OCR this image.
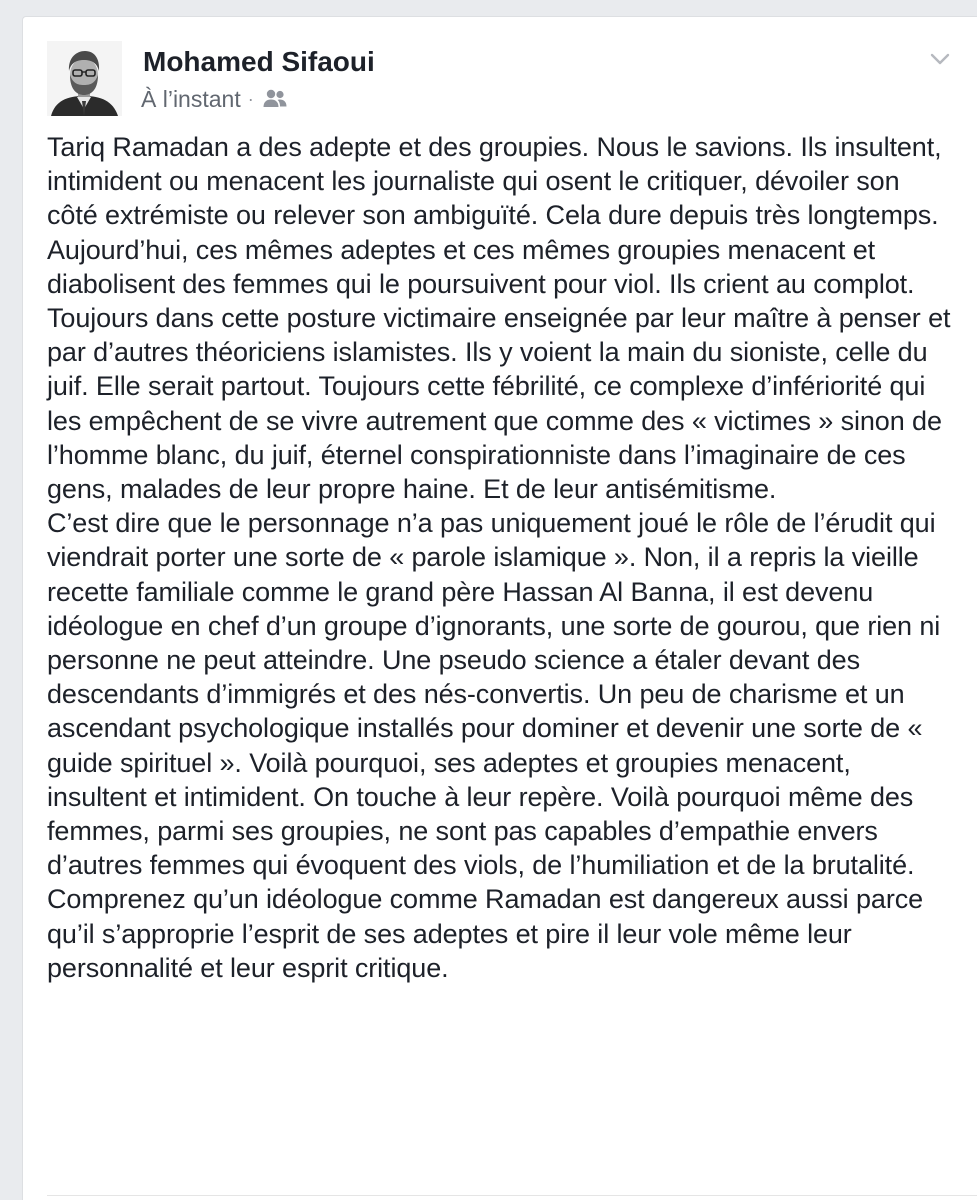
Mohamed Sifaoui
À l’instant ·
Tariq Ramadan a des adepte et des groupies. Nous le savions. Ils insultent, intimident ou menacent les journaliste qui osent le critiquer, dévoiler son côté extrémiste ou relever son ambiguïté. Cela dure depuis très longtemps.
Aujourd’hui, ces mêmes adeptes et ces mêmes groupies menacent et diabolisent des femmes qui le poursuivent pour viol. Ils crient au complot. Toujours dans cette posture victimaire enseignée par leur maître à penser et par d’autres théoriciens islamistes. Ils y voient la main du sioniste, celle du juif. Elle serait partout. Toujours cette fébrilité, ce complexe d’infériorité qui les empêchent de se vivre autrement que comme des « victimes » sinon de l’homme blanc, du juif, éternel conspirationniste dans l’imaginaire de ces gens, malades de leur propre haine. Et de leur antisémitisme.
C’est dire que le personnage n’a pas uniquement joué le rôle de l’érudit qui viendrait porter une sorte de « parole islamique ». Non, il a repris la vieille recette familiale comme le grand père Hassan Al Banna, il est devenu idéologue en chef d’un groupe d’ignorants, une sorte de gourou, que rien ni personne ne peut atteindre. Une pseudo science a étaler devant des descendants d’immigrés et des nés-convertis. Un peu de charisme et un ascendant psychologique installés pour dominer et devenir une sorte de « guide spirituel ». Voilà pourquoi, ses adeptes et groupies menacent, insultent et intimident. On touche à leur repère. Voilà pourquoi même des femmes, parmi ses groupies, ne sont pas capables d’empathie envers d’autres femmes qui évoquent des viols, de l’humiliation et de la brutalité.
Comprenez qu’un idéologue comme Ramadan est dangereux aussi parce qu’il s’approprie l’esprit de ses adeptes et pire il leur vole même leur personnalité et leur esprit critique.
